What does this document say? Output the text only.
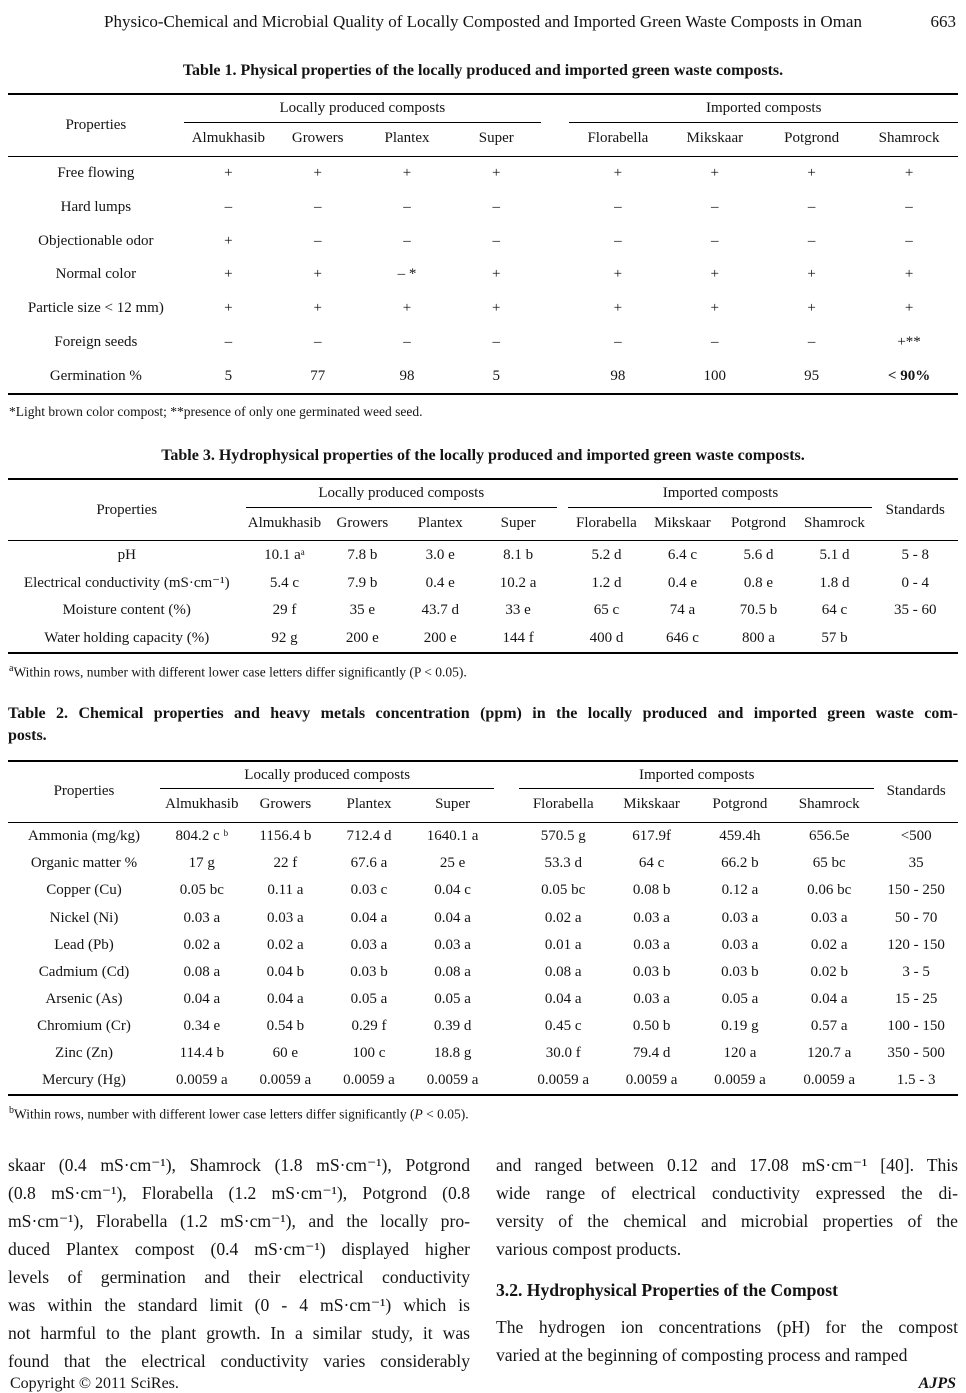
Physico-Chemical and Microbial Quality of Locally Composted and Imported Green Waste Composts in Oman	663
Table 1. Physical properties of the locally produced and imported green waste composts.
Properties	Locally produced composts					Imported composts			
	Almukhasib	Growers	Plantex	Super		Florabella	Mikskaar	Potgrond	Shamrock
Free flowing	+	+	+	+		+	+	+	+
Hard lumps	–	–	–	–		–	–	–	–
Objectionable odor	+	–	–	–		–	–	–	–
Normal color	+	+	– *	+		+	+	+	+
Particle size < 12 mm)	+	+	+	+		+	+	+	+
Foreign seeds	–	–	–	–		–	–	–	+**
Germination %	5	77	98	5		98	100	95	< 90%

*Light brown color compost; **presence of only one germinated weed seed.

Table 3. Hydrophysical properties of the locally produced and imported green waste composts.
Properties	Locally produced composts					Imported composts				Standards
	Almukhasib	Growers	Plantex	Super		Florabella	Mikskaar	Potgrond	Shamrock	
pH	10.1 aᵃ	7.8 b	3.0 e	8.1 b		5.2 d	6.4 c	5.6 d	5.1 d	5 - 8
Electrical conductivity (mS·cm⁻¹)	5.4 c	7.9 b	0.4 e	10.2 a		1.2 d	0.4 e	0.8 e	1.8 d	0 - 4
Moisture content (%)	29 f	35 e	43.7 d	33 e		65 c	74 a	70.5 b	64 c	35 - 60
Water holding capacity (%)	92 g	200 e	200 e	144 f		400 d	646 c	800 a	57 b	

$^a$Within rows, number with different lower case letters differ significantly (P < 0.05).

Table 2. Chemical properties and heavy metals concentration (ppm) in the locally produced and imported green waste com-
posts.
Properties	Locally produced composts					Imported composts				Standards
	Almukhasib	Growers	Plantex	Super		Florabella	Mikskaar	Potgrond	Shamrock	
Ammonia (mg/kg)	804.2 c ᵇ	1156.4 b	712.4 d	1640.1 a		570.5 g	617.9f	459.4h	656.5e	<500
Organic matter %	17 g	22 f	67.6 a	25 e		53.3 d	64 c	66.2 b	65 bc	35
Copper (Cu)	0.05 bc	0.11 a	0.03 c	0.04 c		0.05 bc	0.08 b	0.12 a	0.06 bc	150 - 250
Nickel (Ni)	0.03 a	0.03 a	0.04 a	0.04 a		0.02 a	0.03 a	0.03 a	0.03 a	50 - 70
Lead (Pb)	0.02 a	0.02 a	0.03 a	0.03 a		0.01 a	0.03 a	0.03 a	0.02 a	120 - 150
Cadmium (Cd)	0.08 a	0.04 b	0.03 b	0.08 a		0.08 a	0.03 b	0.03 b	0.02 b	3 - 5
Arsenic (As)	0.04 a	0.04 a	0.05 a	0.05 a		0.04 a	0.03 a	0.05 a	0.04 a	15 - 25
Chromium (Cr)	0.34 e	0.54 b	0.29 f	0.39 d		0.45 c	0.50 b	0.19 g	0.57 a	100 - 150
Zinc (Zn)	114.4 b	60 e	100 c	18.8 g		30.0 f	79.4 d	120 a	120.7 a	350 - 500
Mercury (Hg)	0.0059 a	0.0059 a	0.0059 a	0.0059 a		0.0059 a	0.0059 a	0.0059 a	0.0059 a	1.5 - 3

$^b$Within rows, number with different lower case letters differ significantly (P < 0.05).

skaar (0.4 mS·cm⁻¹), Shamrock (1.8 mS·cm⁻¹), Potgrond
(0.8 mS·cm⁻¹), Florabella (1.2 mS·cm⁻¹), Potgrond (0.8
mS·cm⁻¹), Florabella (1.2 mS·cm⁻¹), and the locally pro-
duced Plantex compost (0.4 mS·cm⁻¹) displayed higher
levels of germination and their electrical conductivity
was within the standard limit (0 - 4 mS·cm⁻¹) which is
not harmful to the plant growth. In a similar study, it was
found that the electrical conductivity varies considerably
and ranged between 0.12 and 17.08 mS·cm⁻¹ [40]. This
wide range of electrical conductivity expressed the di-
versity of the chemical and microbial properties of the
various compost products.
3.2. Hydrophysical Properties of the Compost
The hydrogen ion concentrations (pH) for the compost
varied at the beginning of composting process and ramped
Copyright © 2011 SciRes.	AJPS
